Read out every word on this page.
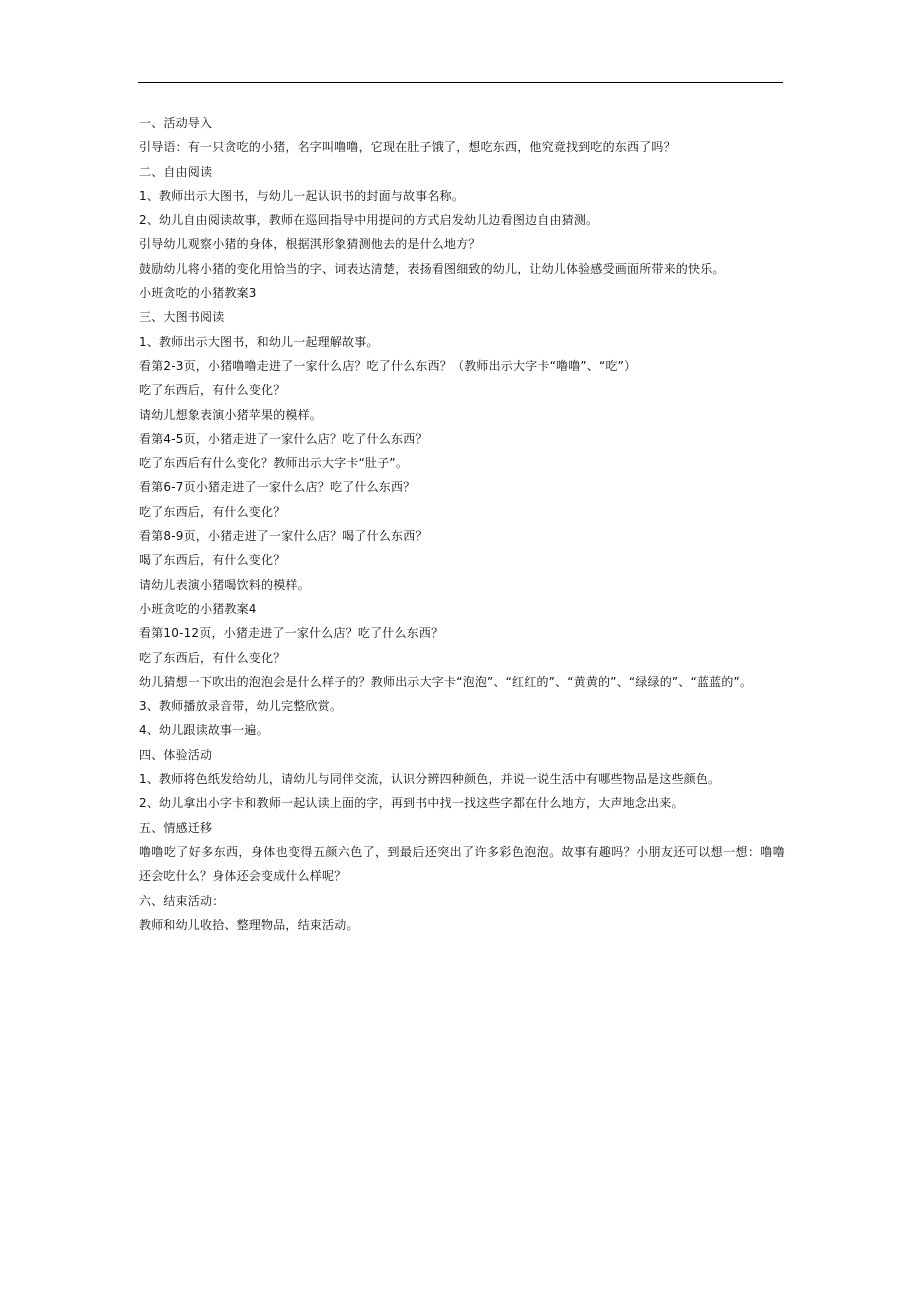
一、活动导入
引导语：有一只贪吃的小猪，名字叫噜噜，它现在肚子饿了，想吃东西，他究竟找到吃的东西了吗？
二、自由阅读
1、教师出示大图书，与幼儿一起认识书的封面与故事名称。
2、幼儿自由阅读故事，教师在巡回指导中用提问的方式启发幼儿边看图边自由猜测。
引导幼儿观察小猪的身体，根据淇形象猜测他去的是什么地方？
鼓励幼儿将小猪的变化用恰当的字、词表达清楚，表扬看图细致的幼儿，让幼儿体验感受画面所带来的快乐。
小班贪吃的小猪教案3
三、大图书阅读
1、教师出示大图书，和幼儿一起理解故事。
看第2-3页，小猪噜噜走进了一家什么店？吃了什么东西？（教师出示大字卡“噜噜”、“吃”）
吃了东西后，有什么变化？
请幼儿想象表演小猪苹果的模样。
看第4-5页，小猪走进了一家什么店？吃了什么东西？
吃了东西后有什么变化？教师出示大字卡“肚子”。
看第6-7页小猪走进了一家什么店？吃了什么东西？
吃了东西后，有什么变化？
看第8-9页，小猪走进了一家什么店？喝了什么东西？
喝了东西后，有什么变化？
请幼儿表演小猪喝饮料的模样。
小班贪吃的小猪教案4
看第10-12页，小猪走进了一家什么店？吃了什么东西？
吃了东西后，有什么变化？
幼儿猜想一下吹出的泡泡会是什么样子的？教师出示大字卡“泡泡”、“红红的”、“黄黄的”、“绿绿的”、“蓝蓝的”。
3、教师播放录音带，幼儿完整欣赏。
4、幼儿跟读故事一遍。
四、体验活动
1、教师将色纸发给幼儿，请幼儿与同伴交流，认识分辨四种颜色，并说一说生活中有哪些物品是这些颜色。
2、幼儿拿出小字卡和教师一起认读上面的字，再到书中找一找这些字都在什么地方，大声地念出来。
五、情感迁移
噜噜吃了好多东西，身体也变得五颜六色了，到最后还突出了许多彩色泡泡。故事有趣吗？小朋友还可以想一想：噜噜还会吃什么？身体还会变成什么样呢？
六、结束活动：
教师和幼儿收拾、整理物品，结束活动。
